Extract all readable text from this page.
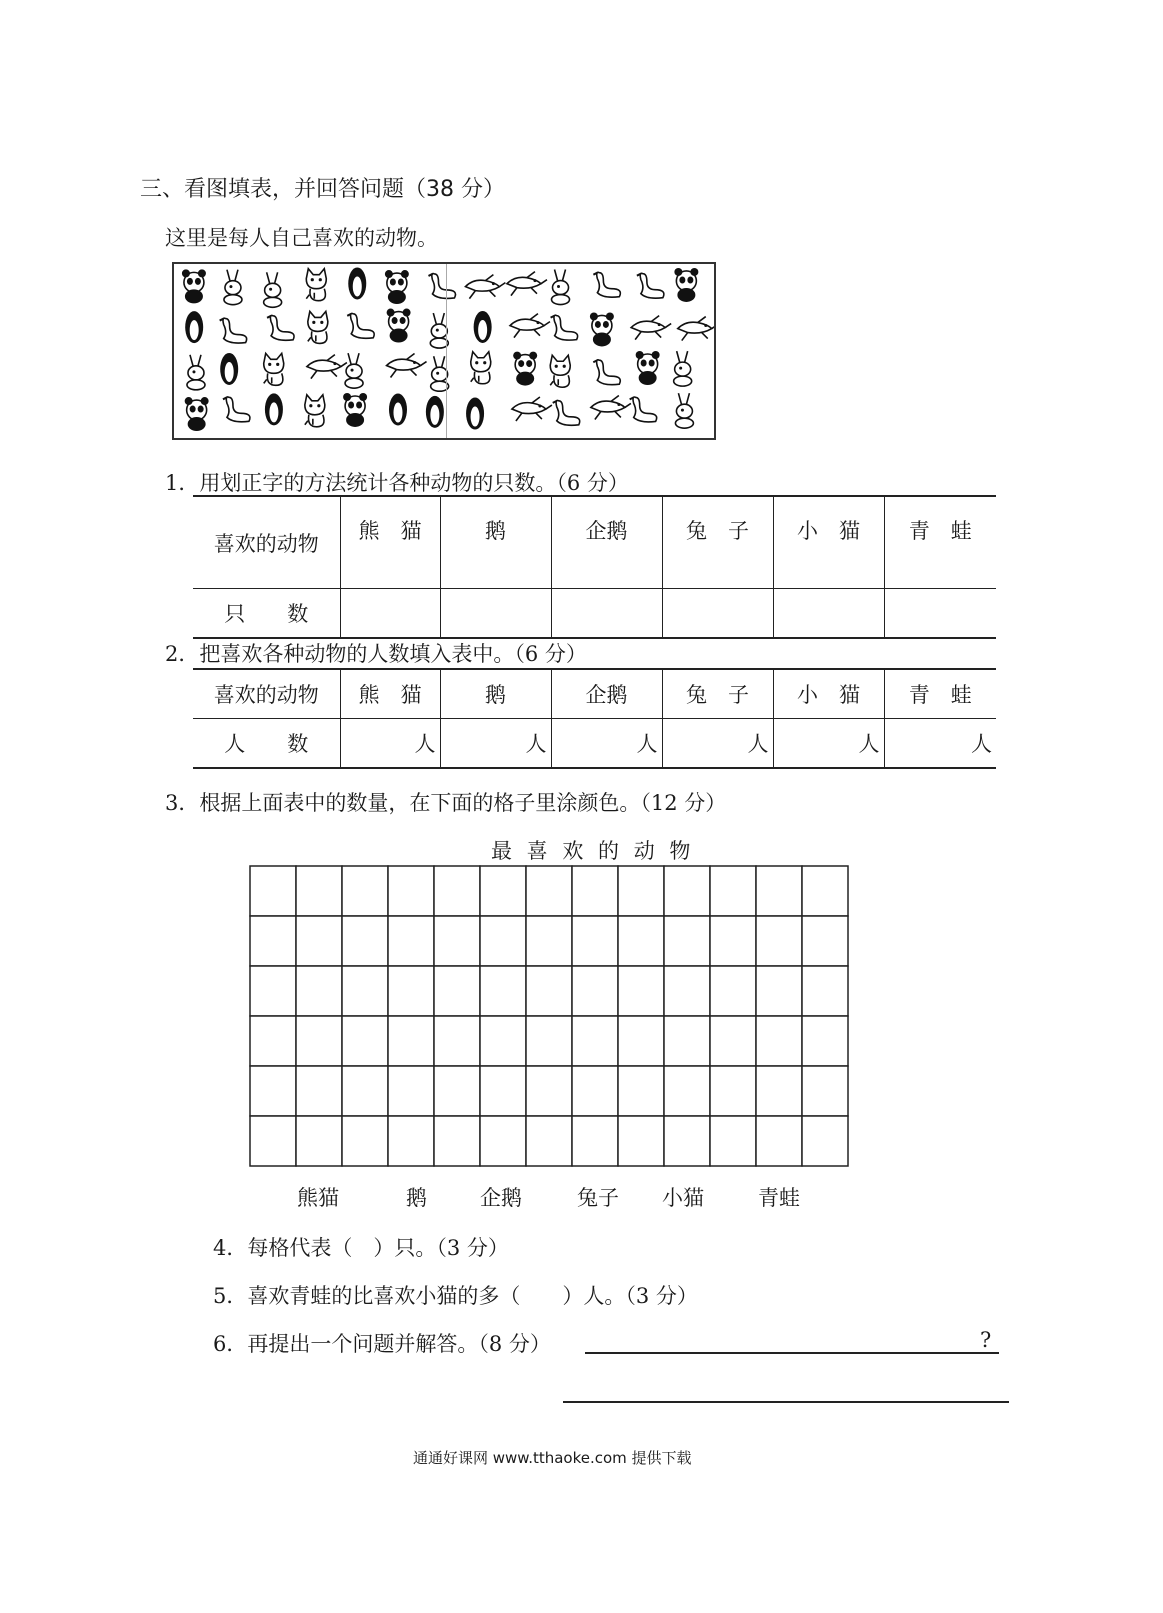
三、看图填表，并回答问题（38 分）
这里是每人自己喜欢的动物。
1．用划正字的方法统计各种动物的只数。（6 分）
喜欢的动物	熊　猫	鹅	企鹅	兔　子	小　猫	青　蛙
只　　数						
2．把喜欢各种动物的人数填入表中。（6 分）
喜欢的动物	熊　猫	鹅	企鹅	兔　子	小　猫	青　蛙
人　　数	人	人	人	人	人	人
3．根据上面表中的数量，在下面的格子里涂颜色。（12 分）
最 喜 欢 的 动 物
熊猫	鹅	企鹅	兔子 小猫	青蛙
4．每格代表（　）只。（3 分）
5．喜欢青蛙的比喜欢小猫的多（　　）人。（3 分）
6．再提出一个问题并解答。（8 分）	?
通通好课网 www.tthaoke.com 提供下载
